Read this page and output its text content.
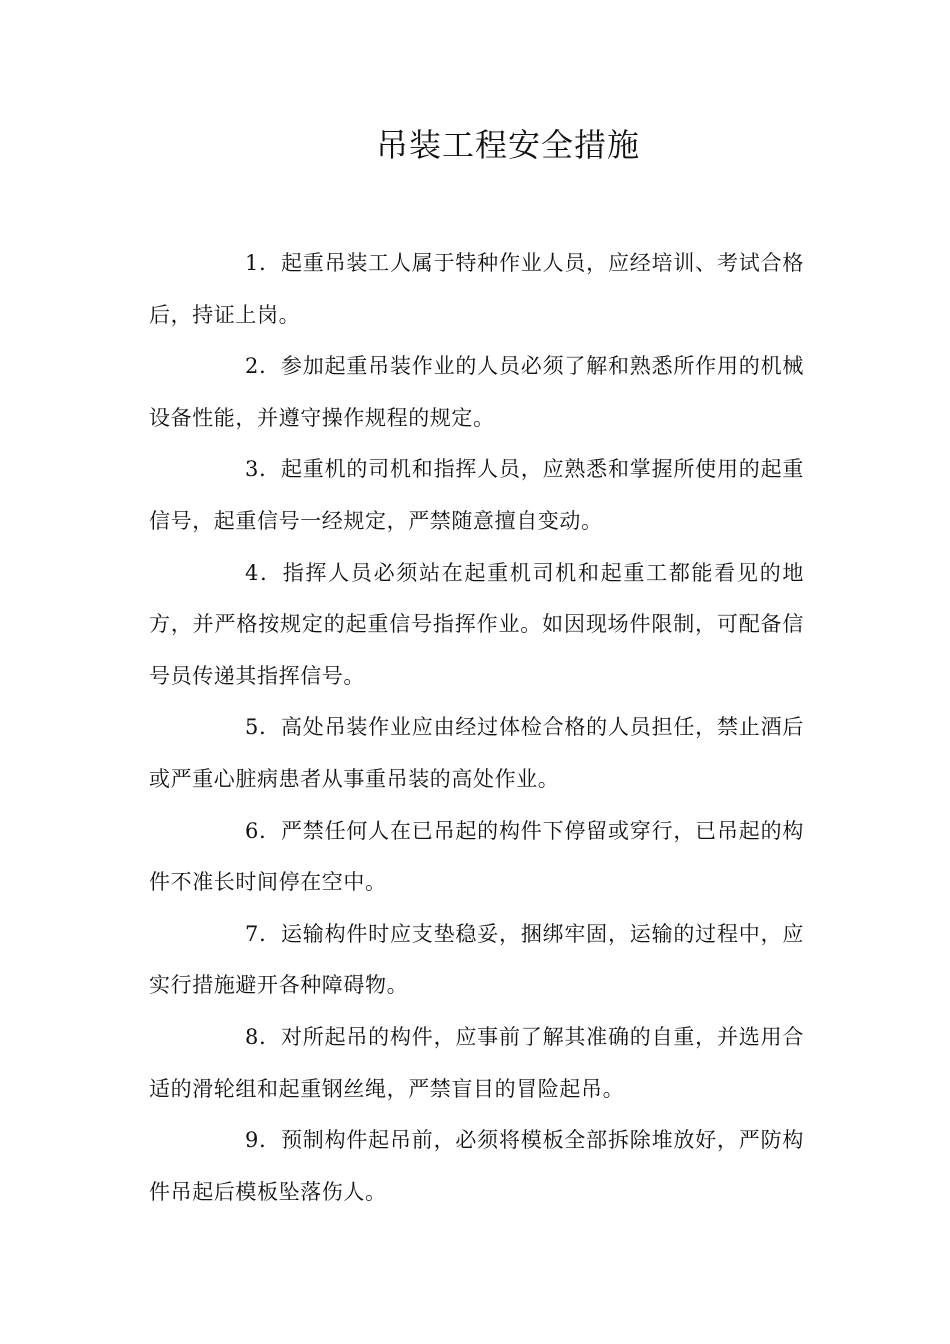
吊装工程安全措施

1．起重吊装工人属于特种作业人员，应经培训、考试合格后，持证上岗。

2．参加起重吊装作业的人员必须了解和熟悉所作用的机械设备性能，并遵守操作规程的规定。

3．起重机的司机和指挥人员，应熟悉和掌握所使用的起重信号，起重信号一经规定，严禁随意擅自变动。

4．指挥人员必须站在起重机司机和起重工都能看见的地方，并严格按规定的起重信号指挥作业。如因现场件限制，可配备信号员传递其指挥信号。

5．高处吊装作业应由经过体检合格的人员担任，禁止酒后或严重心脏病患者从事重吊装的高处作业。

6．严禁任何人在已吊起的构件下停留或穿行，已吊起的构件不准长时间停在空中。

7．运输构件时应支垫稳妥，捆绑牢固，运输的过程中，应实行措施避开各种障碍物。

8．对所起吊的构件，应事前了解其准确的自重，并选用合适的滑轮组和起重钢丝绳，严禁盲目的冒险起吊。

9．预制构件起吊前，必须将模板全部拆除堆放好，严防构件吊起后模板坠落伤人。
